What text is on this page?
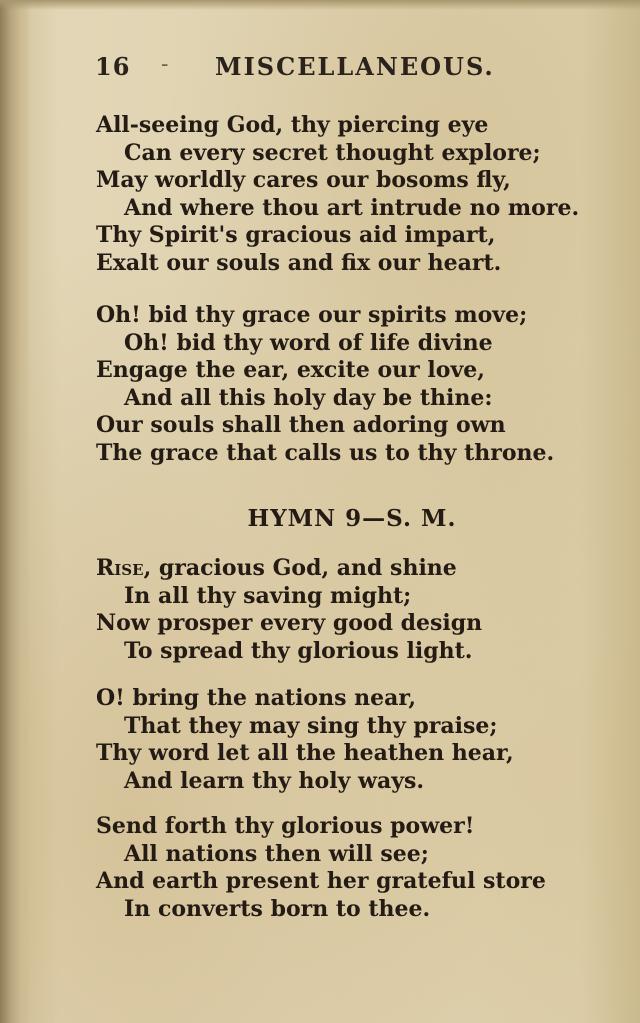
16 - MISCELLANEOUS.
All-seeing God, thy piercing eye
Can every secret thought explore;
May worldly cares our bosoms fly,
And where thou art intrude no more.
Thy Spirit's gracious aid impart,
Exalt our souls and fix our heart.
Oh! bid thy grace our spirits move;
Oh! bid thy word of life divine
Engage the ear, excite our love,
And all this holy day be thine:
Our souls shall then adoring own
The grace that calls us to thy throne.
HYMN 9—S. M.
Rise, gracious God, and shine
In all thy saving might;
Now prosper every good design
To spread thy glorious light.
O! bring the nations near,
That they may sing thy praise;
Thy word let all the heathen hear,
And learn thy holy ways.
Send forth thy glorious power!
All nations then will see;
And earth present her grateful store
In converts born to thee.
